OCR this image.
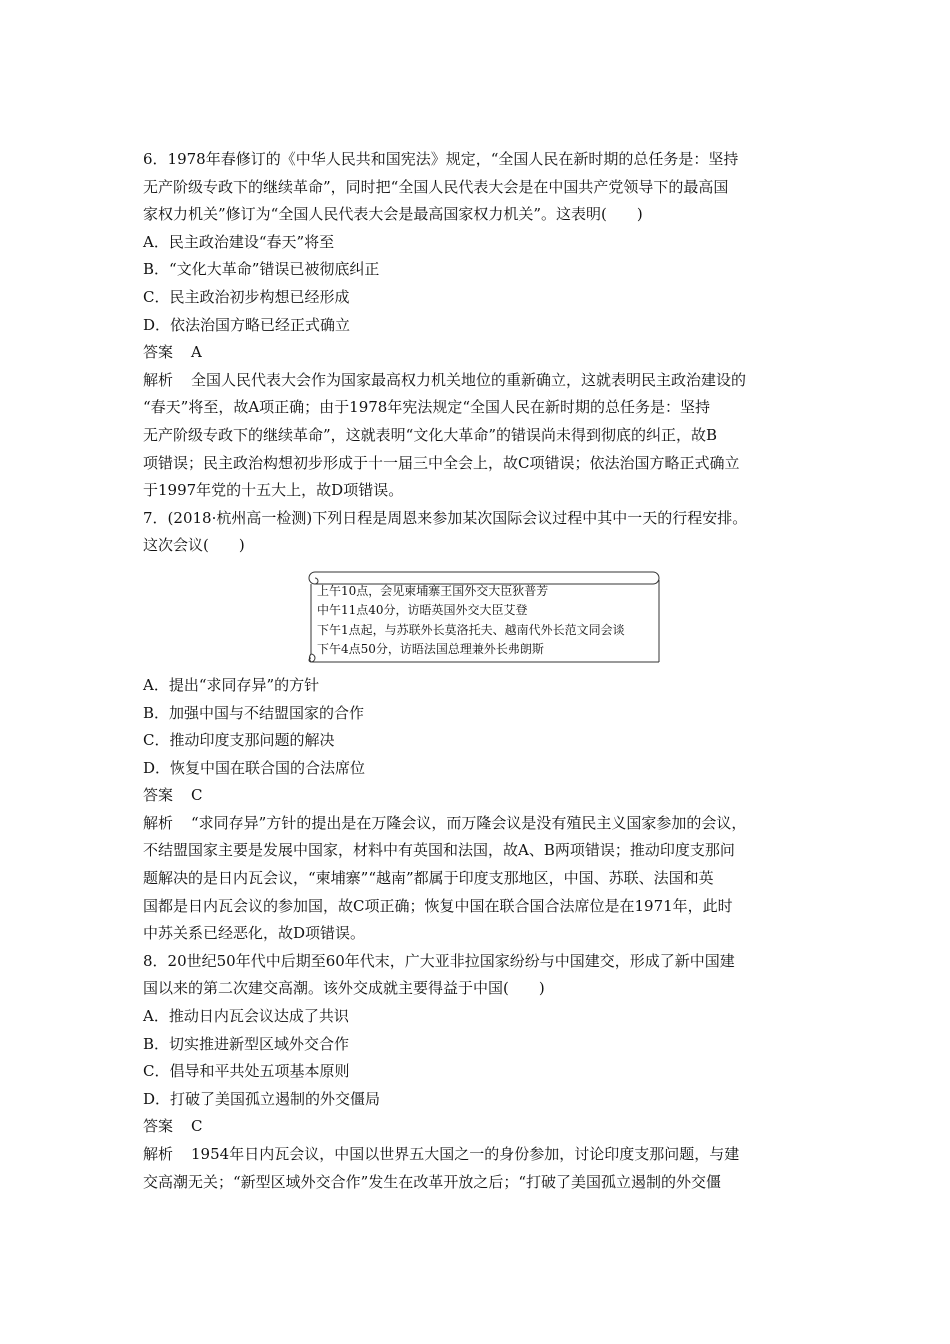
6．1978年春修订的《中华人民共和国宪法》规定，“全国人民在新时期的总任务是：坚持
无产阶级专政下的继续革命”，同时把“全国人民代表大会是在中国共产党领导下的最高国
家权力机关”修订为“全国人民代表大会是最高国家权力机关”。这表明(　　)
A．民主政治建设“春天”将至
B．“文化大革命”错误已被彻底纠正
C．民主政治初步构想已经形成
D．依法治国方略已经正式确立
答案 A
解析 全国人民代表大会作为国家最高权力机关地位的重新确立，这就表明民主政治建设的
“春天”将至，故A项正确；由于1978年宪法规定“全国人民在新时期的总任务是：坚持
无产阶级专政下的继续革命”，这就表明“文化大革命”的错误尚未得到彻底的纠正，故B
项错误；民主政治构想初步形成于十一届三中全会上，故C项错误；依法治国方略正式确立
于1997年党的十五大上，故D项错误。
7．(2018·杭州高一检测)下列日程是周恩来参加某次国际会议过程中其中一天的行程安排。
这次会议(　　)
上午10点，会见柬埔寨王国外交大臣狄普芳
中午11点40分，访晤英国外交大臣艾登
下午1点起，与苏联外长莫洛托夫、越南代外长范文同会谈
下午4点50分，访晤法国总理兼外长弗朗斯
A．提出“求同存异”的方针
B．加强中国与不结盟国家的合作
C．推动印度支那问题的解决
D．恢复中国在联合国的合法席位
答案 C
解析 “求同存异”方针的提出是在万隆会议，而万隆会议是没有殖民主义国家参加的会议，
不结盟国家主要是发展中国家，材料中有英国和法国，故A、B两项错误；推动印度支那问
题解决的是日内瓦会议，“柬埔寨”“越南”都属于印度支那地区，中国、苏联、法国和英
国都是日内瓦会议的参加国，故C项正确；恢复中国在联合国合法席位是在1971年，此时
中苏关系已经恶化，故D项错误。
8．20世纪50年代中后期至60年代末，广大亚非拉国家纷纷与中国建交，形成了新中国建
国以来的第二次建交高潮。该外交成就主要得益于中国(　　)
A．推动日内瓦会议达成了共识
B．切实推进新型区域外交合作
C．倡导和平共处五项基本原则
D．打破了美国孤立遏制的外交僵局
答案 C
解析 1954年日内瓦会议，中国以世界五大国之一的身份参加，讨论印度支那问题，与建
交高潮无关；“新型区域外交合作”发生在改革开放之后；“打破了美国孤立遏制的外交僵
